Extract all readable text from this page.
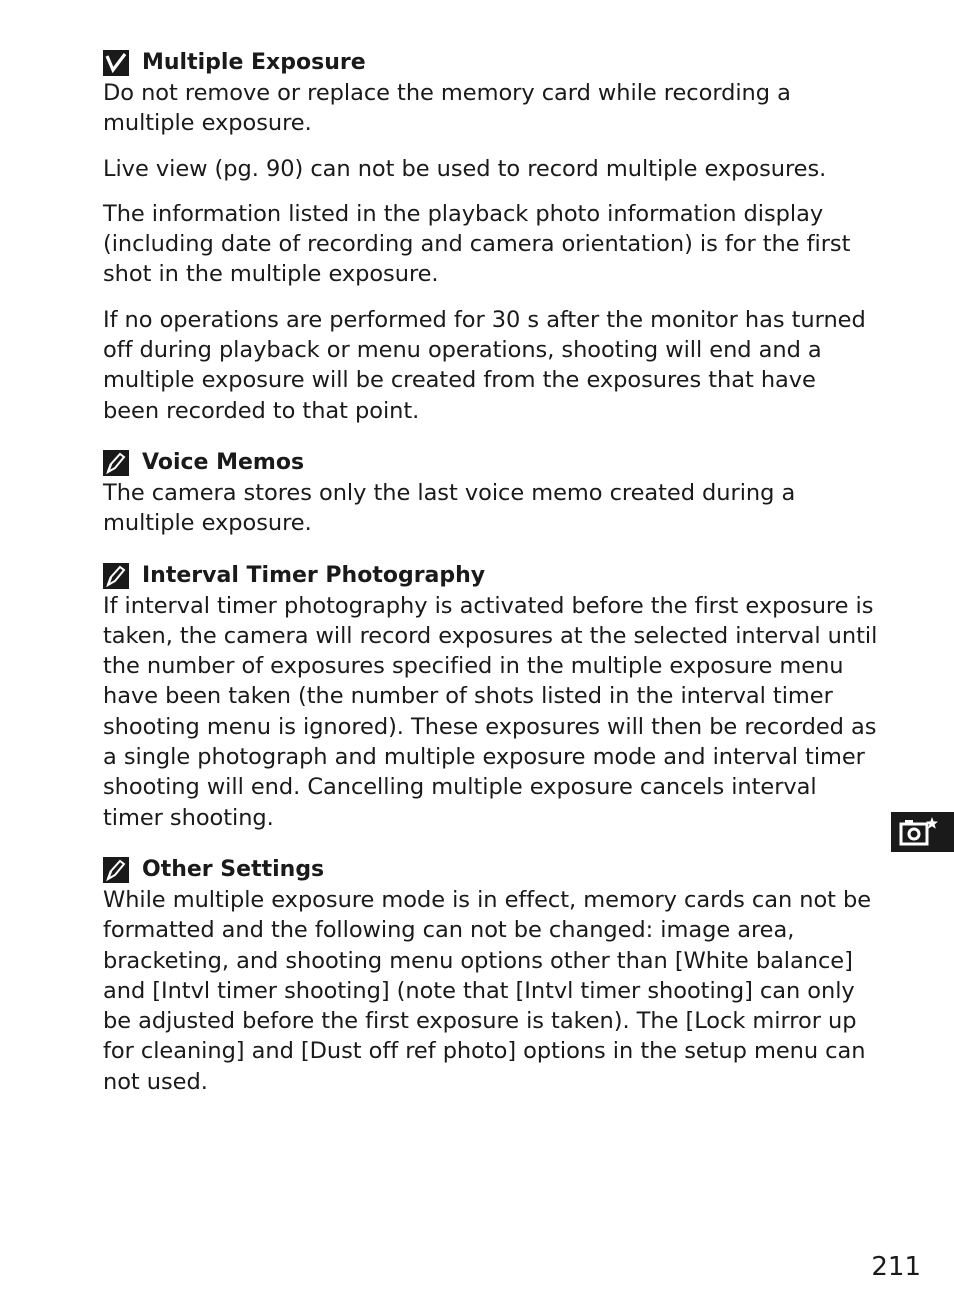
Multiple Exposure

Do not remove or replace the memory card while recording a multiple exposure.

Live view (pg. 90) can not be used to record multiple exposures.

The information listed in the playback photo information display (including date of recording and camera orientation) is for the first shot in the multiple exposure.

If no operations are performed for 30 s after the monitor has turned off during playback or menu operations, shooting will end and a multiple exposure will be created from the exposures that have been recorded to that point.

Voice Memos

The camera stores only the last voice memo created during a multiple exposure.

Interval Timer Photography

If interval timer photography is activated before the first exposure is taken, the camera will record exposures at the selected interval until the number of exposures specified in the multiple exposure menu have been taken (the number of shots listed in the interval timer shooting menu is ignored). These exposures will then be recorded as a single photograph and multiple exposure mode and interval timer shooting will end. Cancelling multiple exposure cancels interval timer shooting.

Other Settings

While multiple exposure mode is in effect, memory cards can not be formatted and the following can not be changed: image area, bracketing, and shooting menu options other than [White balance] and [Intvl timer shooting] (note that [Intvl timer shooting] can only be adjusted before the first exposure is taken). The [Lock mirror up for cleaning] and [Dust off ref photo] options in the setup menu can not used.

211
